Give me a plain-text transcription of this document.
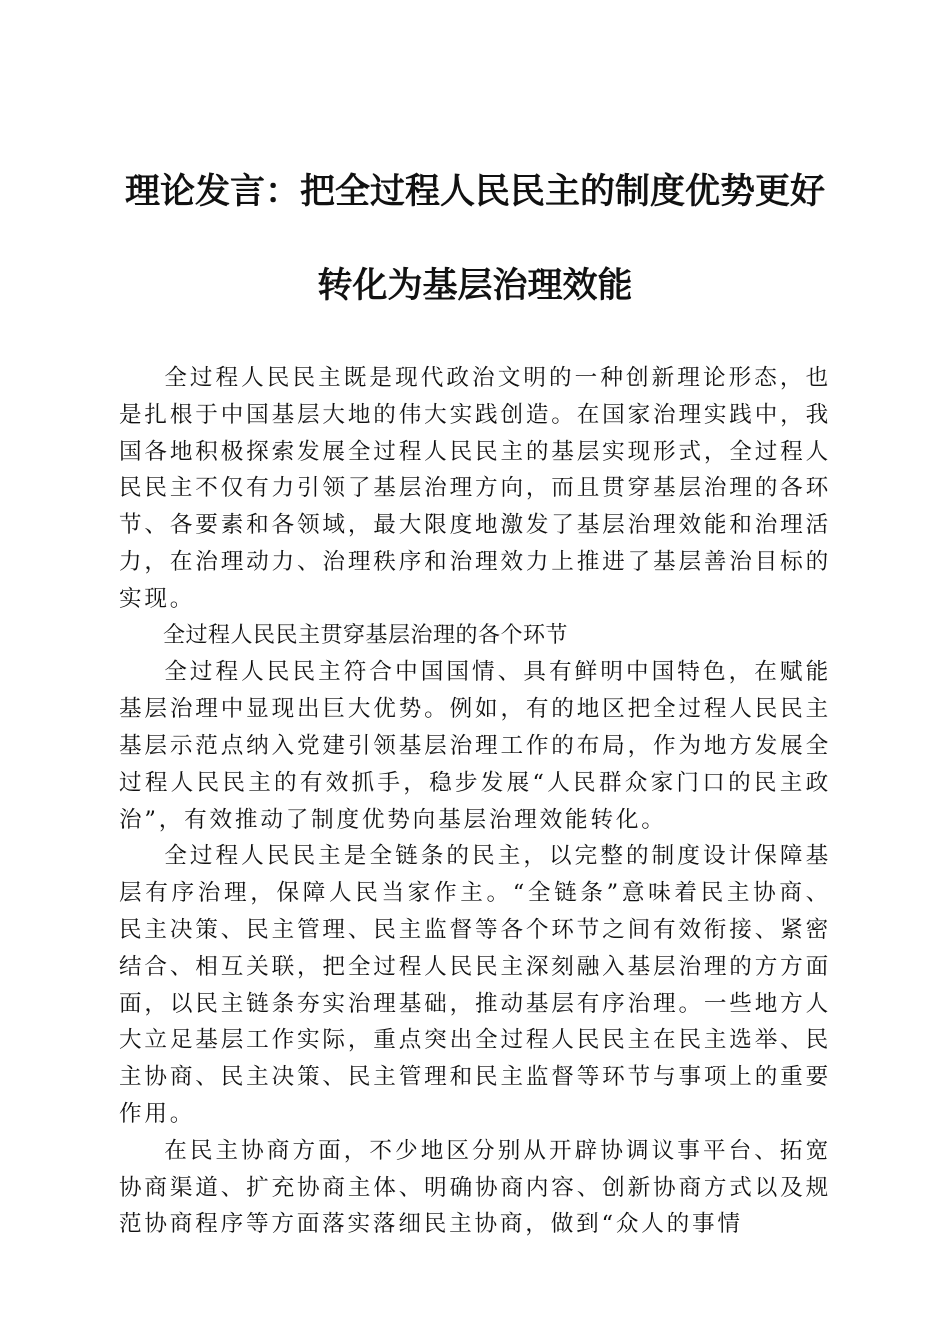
理论发言：把全过程人民民主的制度优势更好
转化为基层治理效能

全过程人民民主既是现代政治文明的一种创新理论形态，也是扎根于中国基层大地的伟大实践创造。在国家治理实践中，我国各地积极探索发展全过程人民民主的基层实现形式，全过程人民民主不仅有力引领了基层治理方向，而且贯穿基层治理的各环节、各要素和各领域，最大限度地激发了基层治理效能和治理活力，在治理动力、治理秩序和治理效力上推进了基层善治目标的实现。

全过程人民民主贯穿基层治理的各个环节

全过程人民民主符合中国国情、具有鲜明中国特色，在赋能基层治理中显现出巨大优势。例如，有的地区把全过程人民民主基层示范点纳入党建引领基层治理工作的布局，作为地方发展全过程人民民主的有效抓手，稳步发展“人民群众家门口的民主政治”，有效推动了制度优势向基层治理效能转化。

全过程人民民主是全链条的民主，以完整的制度设计保障基层有序治理，保障人民当家作主。“全链条”意味着民主协商、民主决策、民主管理、民主监督等各个环节之间有效衔接、紧密结合、相互关联，把全过程人民民主深刻融入基层治理的方方面面，以民主链条夯实治理基础，推动基层有序治理。一些地方人大立足基层工作实际，重点突出全过程人民民主在民主选举、民主协商、民主决策、民主管理和民主监督等环节与事项上的重要作用。

在民主协商方面，不少地区分别从开辟协调议事平台、拓宽协商渠道、扩充协商主体、明确协商内容、创新协商方式以及规范协商程序等方面落实落细民主协商，做到“众人的事情
